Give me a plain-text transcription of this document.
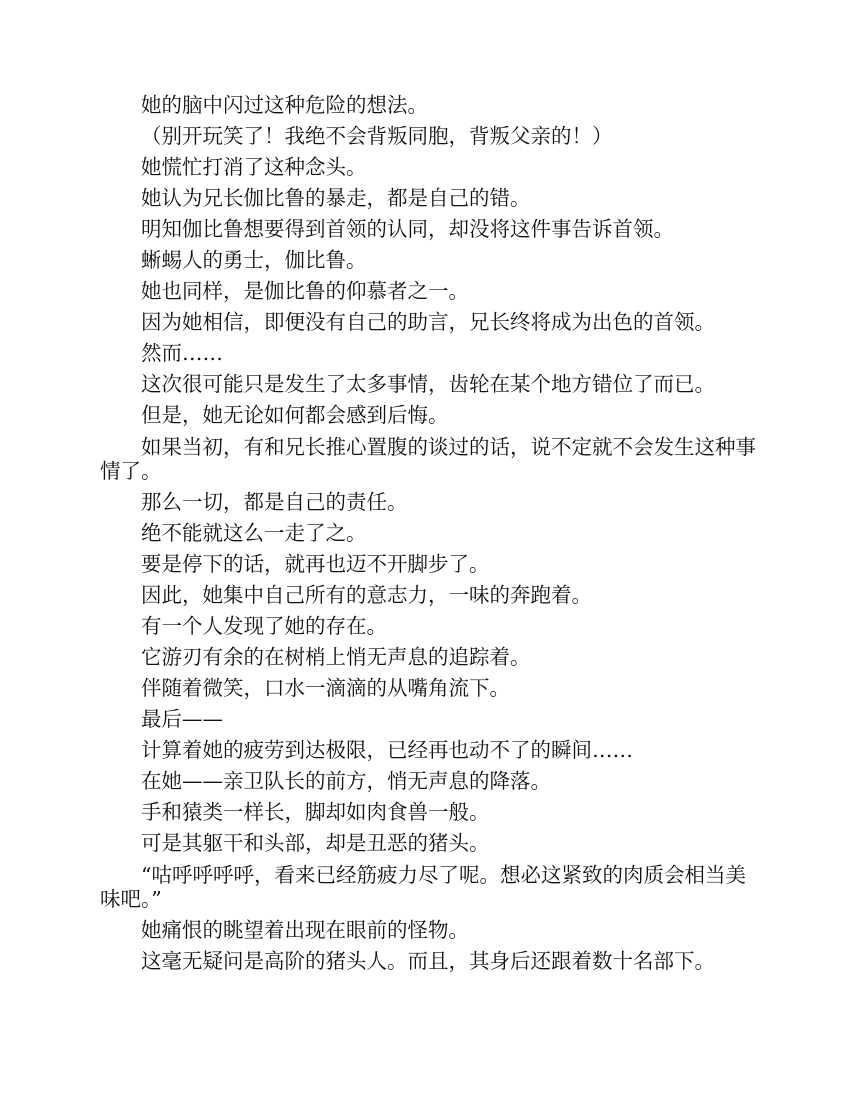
她的脑中闪过这种危险的想法。

（别开玩笑了！我绝不会背叛同胞，背叛父亲的！）

她慌忙打消了这种念头。

她认为兄长伽比鲁的暴走，都是自己的错。

明知伽比鲁想要得到首领的认同，却没将这件事告诉首领。

蜥蜴人的勇士，伽比鲁。

她也同样，是伽比鲁的仰慕者之一。

因为她相信，即便没有自己的助言，兄长终将成为出色的首领。

然而……

这次很可能只是发生了太多事情，齿轮在某个地方错位了而已。

但是，她无论如何都会感到后悔。

如果当初，有和兄长推心置腹的谈过的话，说不定就不会发生这种事情了。

那么一切，都是自己的责任。

绝不能就这么一走了之。

要是停下的话，就再也迈不开脚步了。

因此，她集中自己所有的意志力，一味的奔跑着。

有一个人发现了她的存在。

它游刃有余的在树梢上悄无声息的追踪着。

伴随着微笑，口水一滴滴的从嘴角流下。

最后——

计算着她的疲劳到达极限，已经再也动不了的瞬间……

在她——亲卫队长的前方，悄无声息的降落。

手和猿类一样长，脚却如肉食兽一般。

可是其躯干和头部，却是丑恶的猪头。

“咕呼呼呼呼，看来已经筋疲力尽了呢。想必这紧致的肉质会相当美味吧。”

她痛恨的眺望着出现在眼前的怪物。

这毫无疑问是高阶的猪头人。而且，其身后还跟着数十名部下。
